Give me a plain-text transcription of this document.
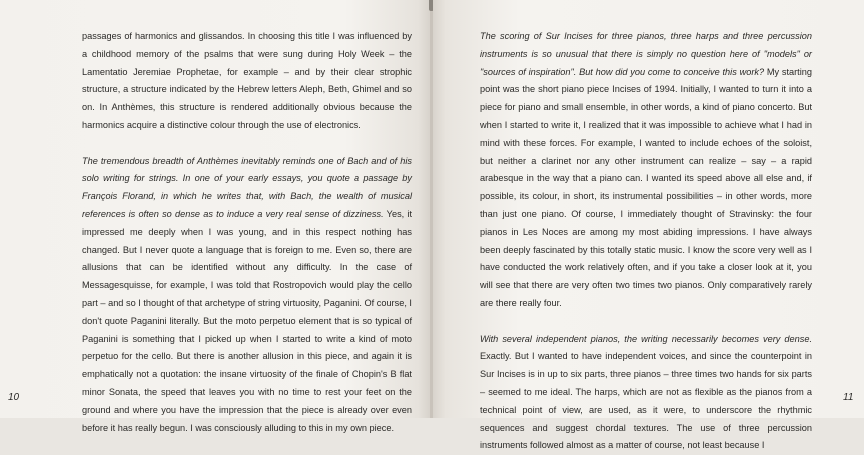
passages of harmonics and glissandos. In choosing this title I was influenced by a childhood memory of the psalms that were sung during Holy Week – the Lamentatio Jeremiae Prophetae, for example – and by their clear strophic structure, a structure indicated by the Hebrew letters Aleph, Beth, Ghimel and so on. In Anthèmes, this structure is rendered additionally obvious because the harmonics acquire a distinctive colour through the use of electronics.

The tremendous breadth of Anthèmes inevitably reminds one of Bach and of his solo writing for strings. In one of your early essays, you quote a passage by François Florand, in which he writes that, with Bach, the wealth of musical references is often so dense as to induce a very real sense of dizziness. Yes, it impressed me deeply when I was young, and in this respect nothing has changed. But I never quote a language that is foreign to me. Even so, there are allusions that can be identified without any difficulty. In the case of Messagesquisse, for example, I was told that Rostropovich would play the cello part – and so I thought of that archetype of string virtuosity, Paganini. Of course, I don't quote Paganini literally. But the moto perpetuo element that is so typical of Paganini is something that I picked up when I started to write a kind of moto perpetuo for the cello. But there is another allusion in this piece, and again it is emphatically not a quotation: the insane virtuosity of the finale of Chopin's B flat minor Sonata, the speed that leaves you with no time to rest your feet on the ground and where you have the impression that the piece is already over even before it has really begun. I was consciously alluding to this in my own piece.

10

The scoring of Sur Incises for three pianos, three harps and three percussion instruments is so unusual that there is simply no question here of "models" or "sources of inspiration". But how did you come to conceive this work? My starting point was the short piano piece Incises of 1994. Initially, I wanted to turn it into a piece for piano and small ensemble, in other words, a kind of piano concerto. But when I started to write it, I realized that it was impossible to achieve what I had in mind with these forces. For example, I wanted to include echoes of the soloist, but neither a clarinet nor any other instrument can realize – say – a rapid arabesque in the way that a piano can. I wanted its speed above all else and, if possible, its colour, in short, its instrumental possibilities – in other words, more than just one piano. Of course, I immediately thought of Stravinsky: the four pianos in Les Noces are among my most abiding impressions. I have always been deeply fascinated by this totally static music. I know the score very well as I have conducted the work relatively often, and if you take a closer look at it, you will see that there are very often two times two pianos. Only comparatively rarely are there really four.

With several independent pianos, the writing necessarily becomes very dense. Exactly. But I wanted to have independent voices, and since the counterpoint in Sur Incises is in up to six parts, three pianos – three times two hands for six parts – seemed to me ideal. The harps, which are not as flexible as the pianos from a technical point of view, are used, as it were, to underscore the rhythmic sequences and suggest chordal textures. The use of three percussion instruments followed almost as a matter of course, not least because I

11
